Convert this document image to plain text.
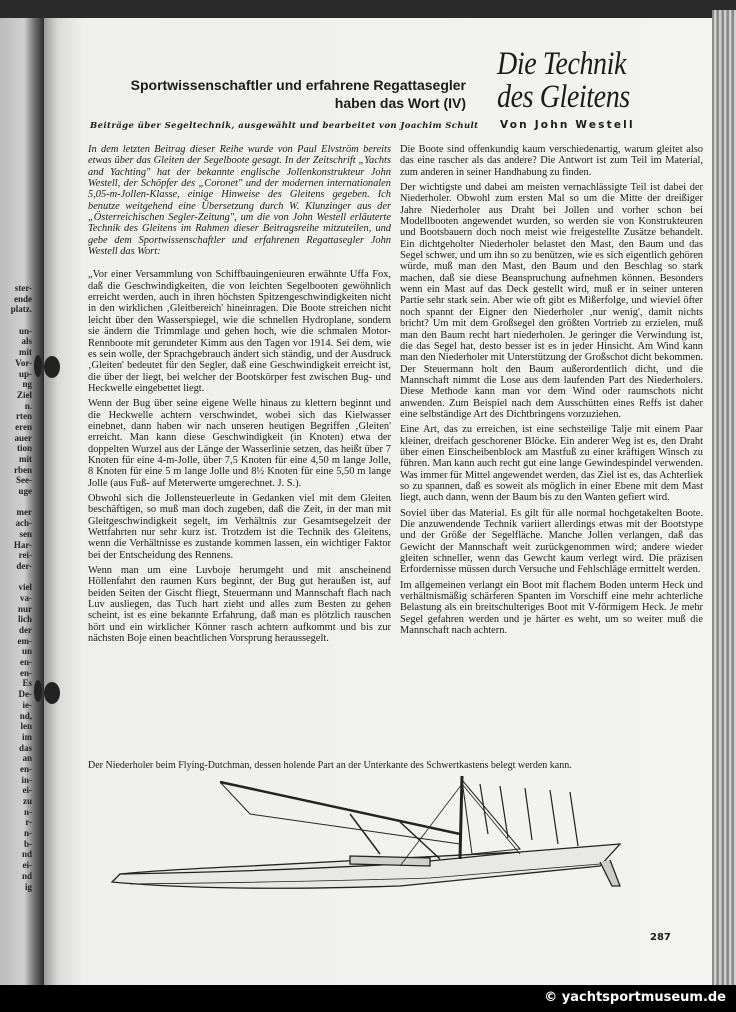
ster-
ende
platz.
un-
als
mit
Vor-
up-
ng
Ziel
n.
rten
eren
auer
tion
mit
rben
See-
uge
mer
ach-
sen
Har-
rei-
der-
viel
va-
nur
lich
der
em-
un
en-
en-
Es
De-
ie-
nd,
len
im
das
an
en-
in-
ei-
zu
n-
r-
n-
b-
nd
ei-
nd
ig
Sportwissenschaftler und erfahrene Regattasegler
haben das Wort (IV)
Beiträge über Segeltechnik, ausgewählt und bearbeitet von Joachim Schult
Die Technik
des Gleitens
Von John Westell

In dem letzten Beitrag dieser Reihe wurde von Paul Elvström bereits etwas über das Gleiten der Segelboote gesagt. In der Zeitschrift „Yachts and Yachting" hat der bekannte englische Jollenkonstrukteur John Westell, der Schöpfer des „Coronet" und der modernen internationalen 5,05-m-Jollen-Klasse, einige Hinweise des Gleitens gegeben. Ich benutze weitgehend eine Übersetzung durch W. Klunzinger aus der „Österreichischen Segler-Zeitung", um die von John Westell erläuterte Technik des Gleitens im Rahmen dieser Beitragsreihe mitzuteilen, und gebe dem Sportwissenschaftler und erfahrenen Regattasegler John Westell das Wort:

„Vor einer Versammlung von Schiffbauingenieuren erwähnte Uffa Fox, daß die Geschwindigkeiten, die von leichten Segelbooten gewöhnlich erreicht werden, auch in ihren höchsten Spitzengeschwindigkeiten nicht in den wirklichen ‚Gleitbereich' hineinragen. Die Boote streichen nicht leicht über den Wasserspiegel, wie die schnellen Hydroplane, sondern sie ändern die Trimmlage und gehen hoch, wie die schmalen Motor-Rennboote mit gerundeter Kimm aus den Tagen vor 1914. Sei dem, wie es sein wolle, der Sprachgebrauch ändert sich ständig, und der Ausdruck ‚Gleiten' bedeutet für den Segler, daß eine Geschwindigkeit erreicht ist, die über der liegt, bei welcher der Bootskörper fest zwischen Bug- und Heckwelle eingebettet liegt.

Wenn der Bug über seine eigene Welle hinaus zu klettern beginnt und die Heckwelle achtern verschwindet, wobei sich das Kielwasser einebnet, dann haben wir nach unseren heutigen Begriffen ‚Gleiten' erreicht. Man kann diese Geschwindigkeit (in Knoten) etwa der doppelten Wurzel aus der Länge der Wasserlinie setzen, das heißt über 7 Knoten für eine 4-m-Jolle, über 7,5 Knoten für eine 4,50 m lange Jolle, 8 Knoten für eine 5 m lange Jolle und 8½ Knoten für eine 5,50 m lange Jolle (aus Fuß- auf Meterwerte umgerechnet. J. S.).

Obwohl sich die Jollensteuerleute in Gedanken viel mit dem Gleiten beschäftigen, so muß man doch zugeben, daß die Zeit, in der man mit Gleitgeschwindigkeit segelt, im Verhältnis zur Gesamtsegelzeit der Wettfahrten nur sehr kurz ist. Trotzdem ist die Technik des Gleitens, wenn die Verhältnisse es zustande kommen lassen, ein wichtiger Faktor bei der Entscheidung des Rennens.

Wenn man um eine Luvboje herumgeht und mit anscheinend Höllenfahrt den raumen Kurs beginnt, der Bug gut heraußen ist, auf beiden Seiten der Gischt fliegt, Steuermann und Mannschaft flach nach Luv ausliegen, das Tuch hart zieht und alles zum Besten zu gehen scheint, ist es eine bekannte Erfahrung, daß man es plötzlich rauschen hört und ein wirklicher Könner rasch achtern aufkommt und bis zur nächsten Boje einen beachtlichen Vorsprung heraussegelt.

Die Boote sind offenkundig kaum verschiedenartig, warum gleitet also das eine rascher als das andere? Die Antwort ist zum Teil im Material, zum anderen in seiner Handhabung zu finden.

Der wichtigste und dabei am meisten vernachlässigte Teil ist dabei der Niederholer. Obwohl zum ersten Mal so um die Mitte der dreißiger Jahre Niederholer aus Draht bei Jollen und vorher schon bei Modellbooten angewendet wurden, so werden sie von Konstrukteuren und Bootsbauern doch noch meist wie freigestellte Zusätze behandelt. Ein dichtgeholter Niederholer belastet den Mast, den Baum und das Segel schwer, und um ihn so zu benützen, wie es sich eigentlich gehören würde, muß man den Mast, den Baum und den Beschlag so stark machen, daß sie diese Beanspruchung aufnehmen können. Besonders wenn ein Mast auf das Deck gestellt wird, muß er in seiner unteren Partie sehr stark sein. Aber wie oft gibt es Mißerfolge, und wieviel öfter noch spannt der Eigner den Niederholer ‚nur wenig', damit nichts bricht? Um mit dem Großsegel den größten Vortrieb zu erzielen, muß man den Baum recht hart niederholen. Je geringer die Verwindung ist, die das Segel hat, desto besser ist es in jeder Hinsicht. Am Wind kann man den Niederholer mit Unterstützung der Großschot dicht bekommen. Der Steuermann holt den Baum außerordentlich dicht, und die Mannschaft nimmt die Lose aus dem laufenden Part des Niederholers. Diese Methode kann man vor dem Wind oder raumschots nicht anwenden. Zum Beispiel nach dem Ausschütten eines Reffs ist daher eine selbständige Art des Dichtbringens vorzuziehen.

Eine Art, das zu erreichen, ist eine sechsteilige Talje mit einem Paar kleiner, dreifach geschorener Blöcke. Ein anderer Weg ist es, den Draht über einen Einscheibenblock am Mastfuß zu einer kräftigen Winsch zu führen. Man kann auch recht gut eine lange Gewindespindel verwenden. Was immer für Mittel angewendet werden, das Ziel ist es, das Achterliek so zu spannen, daß es soweit als möglich in einer Ebene mit dem Mast liegt, auch dann, wenn der Baum bis zu den Wanten gefiert wird.

Soviel über das Material. Es gilt für alle normal hochgetakelten Boote. Die anzuwendende Technik variiert allerdings etwas mit der Bootstype und der Größe der Segelfläche. Manche Jollen verlangen, daß das Gewicht der Mannschaft weit zurückgenommen wird; andere wieder gleiten schneller, wenn das Gewcht kaum verlegt wird. Die präzisen Erfordernisse müssen durch Versuche und Fehlschläge ermittelt werden.

Im allgemeinen verlangt ein Boot mit flachem Boden unterm Heck und verhältnismäßig schärferen Spanten im Vorschiff eine mehr achterliche Belastung als ein breitschulteriges Boot mit V-förmigem Heck. Je mehr Segel gefahren werden und je härter es weht, um so weiter muß die Mannschaft nach achtern.

Der Niederholer beim Flying-Dutchman, dessen holende Part an der Unterkante des Schwertkastens belegt werden kann.
287
© yachtsportmuseum.de
